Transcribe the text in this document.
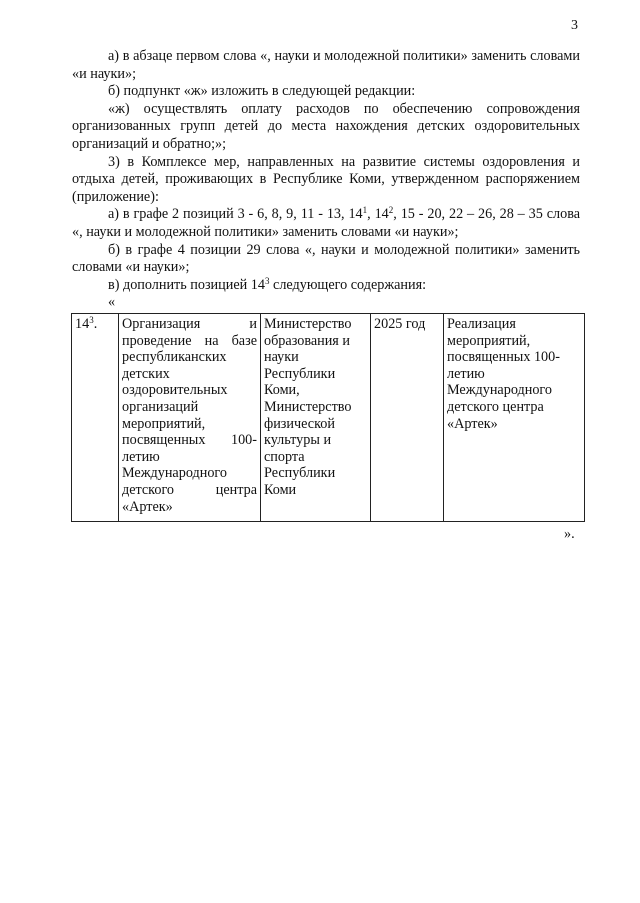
3

а) в абзаце первом слова «, науки и молодежной политики» заменить словами «и науки»;

б) подпункт «ж» изложить в следующей редакции:

«ж) осуществлять оплату расходов по обеспечению сопровождения организованных групп детей до места нахождения детских оздоровительных организаций и обратно;»;

3) в Комплексе мер, направленных на развитие системы оздоровления и отдыха детей, проживающих в Республике Коми, утвержденном распоряжением (приложение):

а) в графе 2 позиций 3 - 6, 8, 9, 11 - 13, $14^1$, $14^2$, 15 - 20, 22 – 26, 28 – 35 слова «, науки и молодежной политики» заменить словами «и науки»;

б) в графе 4 позиции 29 слова «, науки и молодежной политики» заменить словами «и науки»;

в) дополнить позицией $14^3$ следующего содержания:

«

$14^3$.	Организация и проведение на базе республиканских детских оздоровительных организаций мероприятий, посвященных 100-летию Международного детского центра «Артек»	Министерство образования и науки Республики Коми, Министерство физической культуры и спорта Республики Коми	2025 год	Реализация мероприятий, посвященных 100-летию Международного детского центра «Артек»
».
